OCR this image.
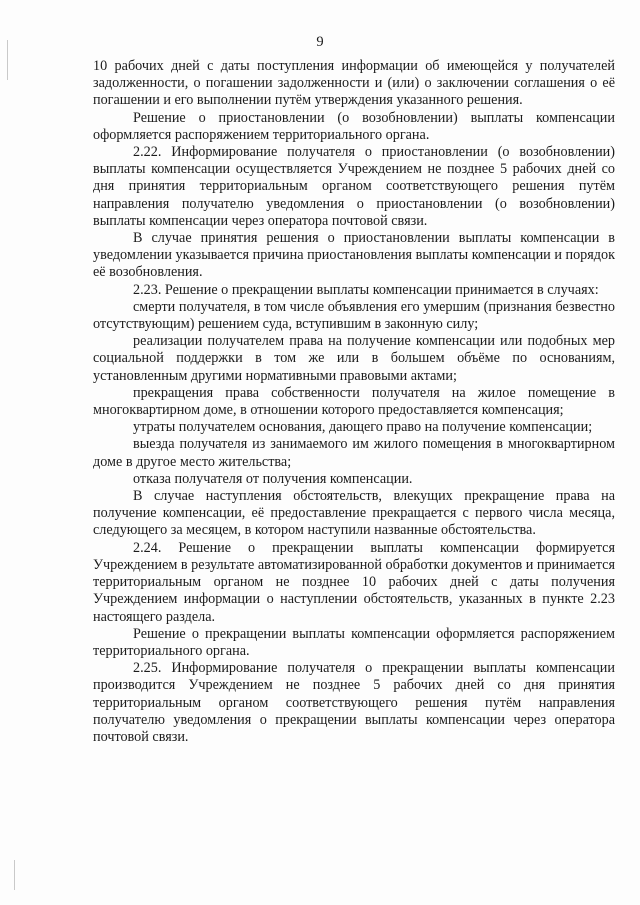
9

10 рабочих дней с даты поступления информации об имеющейся у получателей задолженности, о погашении задолженности и (или) о заключении соглашения о её погашении и его выполнении путём утверждения указанного решения.

Решение о приостановлении (о возобновлении) выплаты компенсации оформляется распоряжением территориального органа.

2.22. Информирование получателя о приостановлении (о возобновлении) выплаты компенсации осуществляется Учреждением не позднее 5 рабочих дней со дня принятия территориальным органом соответствующего решения путём направления получателю уведомления о приостановлении (о возобновлении) выплаты компенсации через оператора почтовой связи.

В случае принятия решения о приостановлении выплаты компенсации в уведомлении указывается причина приостановления выплаты компенсации и порядок её возобновления.

2.23. Решение о прекращении выплаты компенсации принимается в случаях:

смерти получателя, в том числе объявления его умершим (признания безвестно отсутствующим) решением суда, вступившим в законную силу;

реализации получателем права на получение компенсации или подобных мер социальной поддержки в том же или в большем объёме по основаниям, установленным другими нормативными правовыми актами;

прекращения права собственности получателя на жилое помещение в многоквартирном доме, в отношении которого предоставляется компенсация;

утраты получателем основания, дающего право на получение компенсации;

выезда получателя из занимаемого им жилого помещения в многоквартирном доме в другое место жительства;

отказа получателя от получения компенсации.

В случае наступления обстоятельств, влекущих прекращение права на получение компенсации, её предоставление прекращается с первого числа месяца, следующего за месяцем, в котором наступили названные обстоятельства.

2.24. Решение о прекращении выплаты компенсации формируется Учреждением в результате автоматизированной обработки документов и принимается территориальным органом не позднее 10 рабочих дней с даты получения Учреждением информации о наступлении обстоятельств, указанных в пункте 2.23 настоящего раздела.

Решение о прекращении выплаты компенсации оформляется распоряжением территориального органа.

2.25. Информирование получателя о прекращении выплаты компенсации производится Учреждением не позднее 5 рабочих дней со дня принятия территориальным органом соответствующего решения путём направления получателю уведомления о прекращении выплаты компенсации через оператора почтовой связи.
